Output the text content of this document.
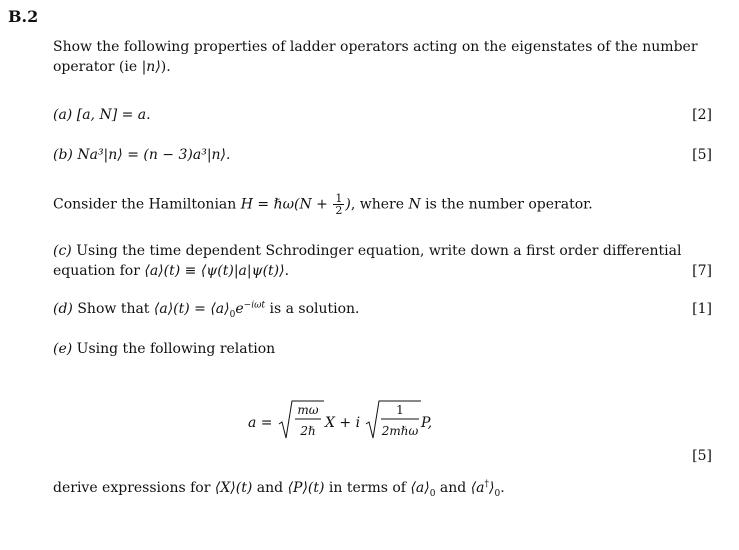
B.2
Show the following properties of ladder operators acting on the eigenstates of the number
operator (ie |n⟩).
(a) [a, N] = a.	[2]
(b) Na³|n⟩ = (n − 3)a³|n⟩.	[5]
Consider the Hamiltonian H = ℏω(N + $\frac{1}{2}$ ), where N is the number operator.
(c) Using the time dependent Schrodinger equation, write down a first order differential
equation for ⟨a⟩(t) ≡ ⟨ψ(t)|a|ψ(t)⟩.	[7]
(d) Show that ⟨a⟩(t) = $⟨a⟩_0e^{-i\omega t}$ is a solution.	[1]
(e) Using the following relation
a =
mω
2ℏ X + i
1
2mℏω P,
[5]
derive expressions for ⟨X⟩(t) and ⟨P⟩(t) in terms of $⟨a⟩_0$ and $⟨a^\dagger⟩_0$.
